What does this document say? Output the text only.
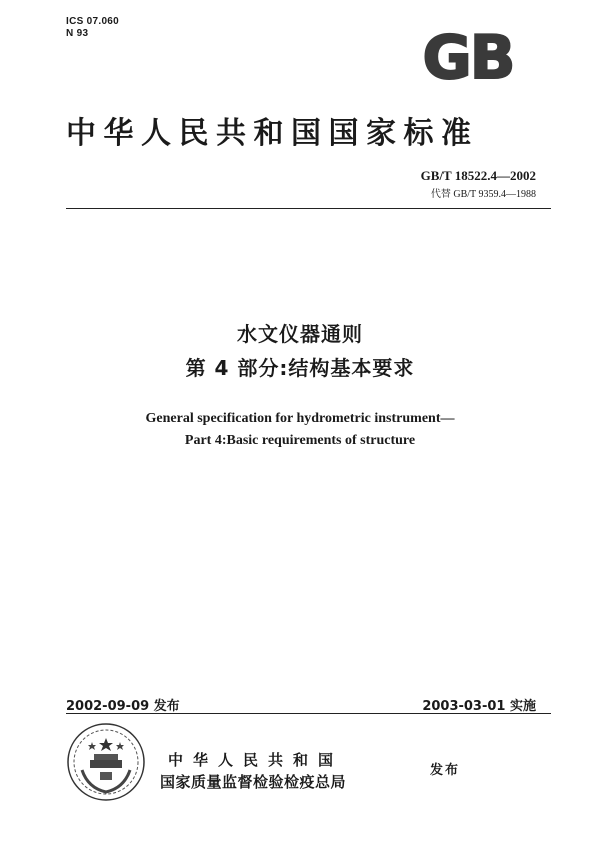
ICS 07.060
N 93	GB
中华人民共和国国家标准
GB/T 18522.4—2002
代替 GB/T 9359.4—1988
水文仪器通则
第 4 部分:结构基本要求
General specification for hydrometric instrument—
Part 4:Basic requirements of structure
2002-09-09 发布	2003-03-01 实施
中华人民共和国
国家质量监督检验检疫总局
发布
